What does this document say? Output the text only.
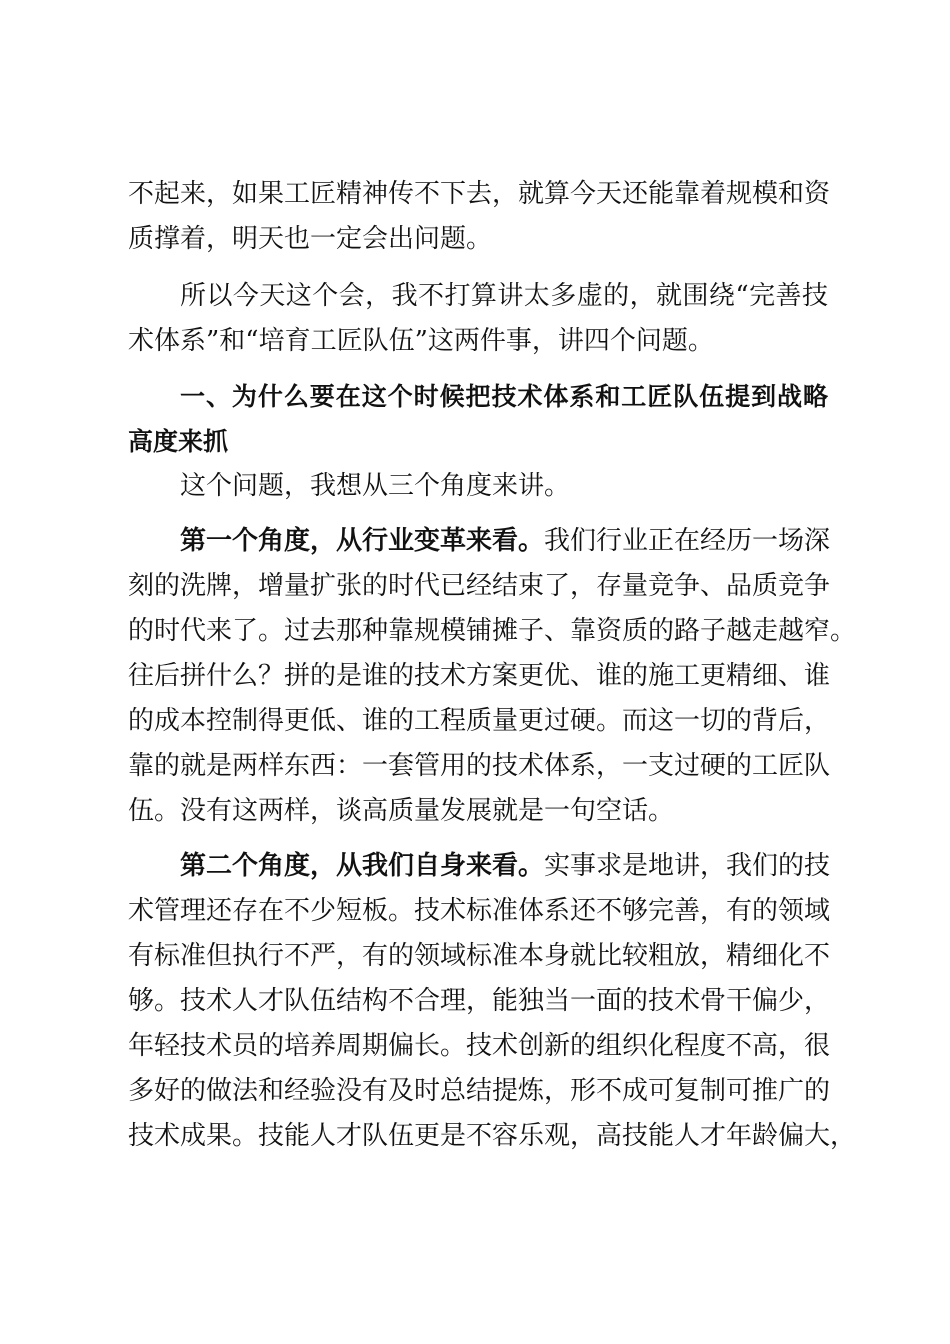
不起来，如果工匠精神传不下去，就算今天还能靠着规模和资
质撑着，明天也一定会出问题。
所以今天这个会，我不打算讲太多虚的，就围绕“完善技
术体系”和“培育工匠队伍”这两件事，讲四个问题。
一、为什么要在这个时候把技术体系和工匠队伍提到战略
高度来抓
这个问题，我想从三个角度来讲。
第一个角度，从行业变革来看。我们行业正在经历一场深
刻的洗牌，增量扩张的时代已经结束了，存量竞争、品质竞争
的时代来了。过去那种靠规模铺摊子、靠资质的路子越走越窄。
往后拼什么？拼的是谁的技术方案更优、谁的施工更精细、谁
的成本控制得更低、谁的工程质量更过硬。而这一切的背后，
靠的就是两样东西：一套管用的技术体系，一支过硬的工匠队
伍。没有这两样，谈高质量发展就是一句空话。
第二个角度，从我们自身来看。实事求是地讲，我们的技
术管理还存在不少短板。技术标准体系还不够完善，有的领域
有标准但执行不严，有的领域标准本身就比较粗放，精细化不
够。技术人才队伍结构不合理，能独当一面的技术骨干偏少，
年轻技术员的培养周期偏长。技术创新的组织化程度不高，很
多好的做法和经验没有及时总结提炼，形不成可复制可推广的
技术成果。技能人才队伍更是不容乐观，高技能人才年龄偏大，
